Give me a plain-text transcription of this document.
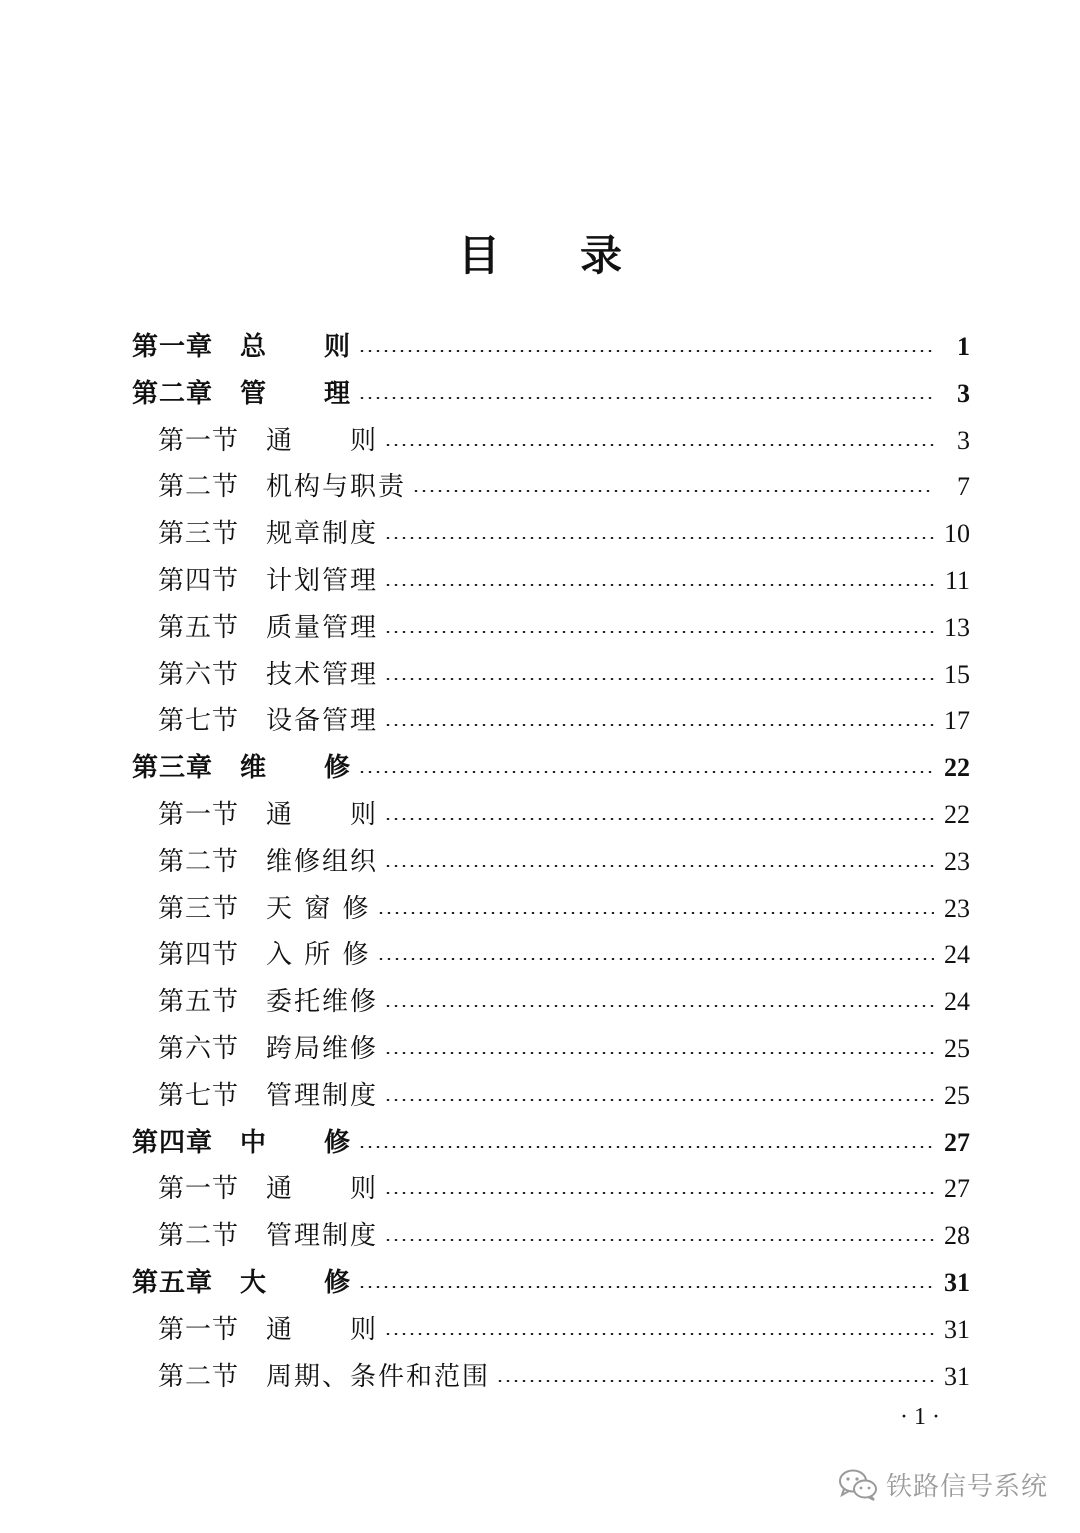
目录
第一章	总　　则	1
第二章	管　　理	3
第一节	通　　则	3
第二节	机构与职责	7
第三节	规章制度	10
第四节	计划管理	11
第五节	质量管理	13
第六节	技术管理	15
第七节	设备管理	17
第三章	维　　修	22
第一节	通　　则	22
第二节	维修组织	23
第三节	天 窗 修	23
第四节	入 所 修	24
第五节	委托维修	24
第六节	跨局维修	25
第七节	管理制度	25
第四章	中　　修	27
第一节	通　　则	27
第二节	管理制度	28
第五章	大　　修	31
第一节	通　　则	31
第二节	周期、条件和范围	31
· 1 ·
铁路信号系统
